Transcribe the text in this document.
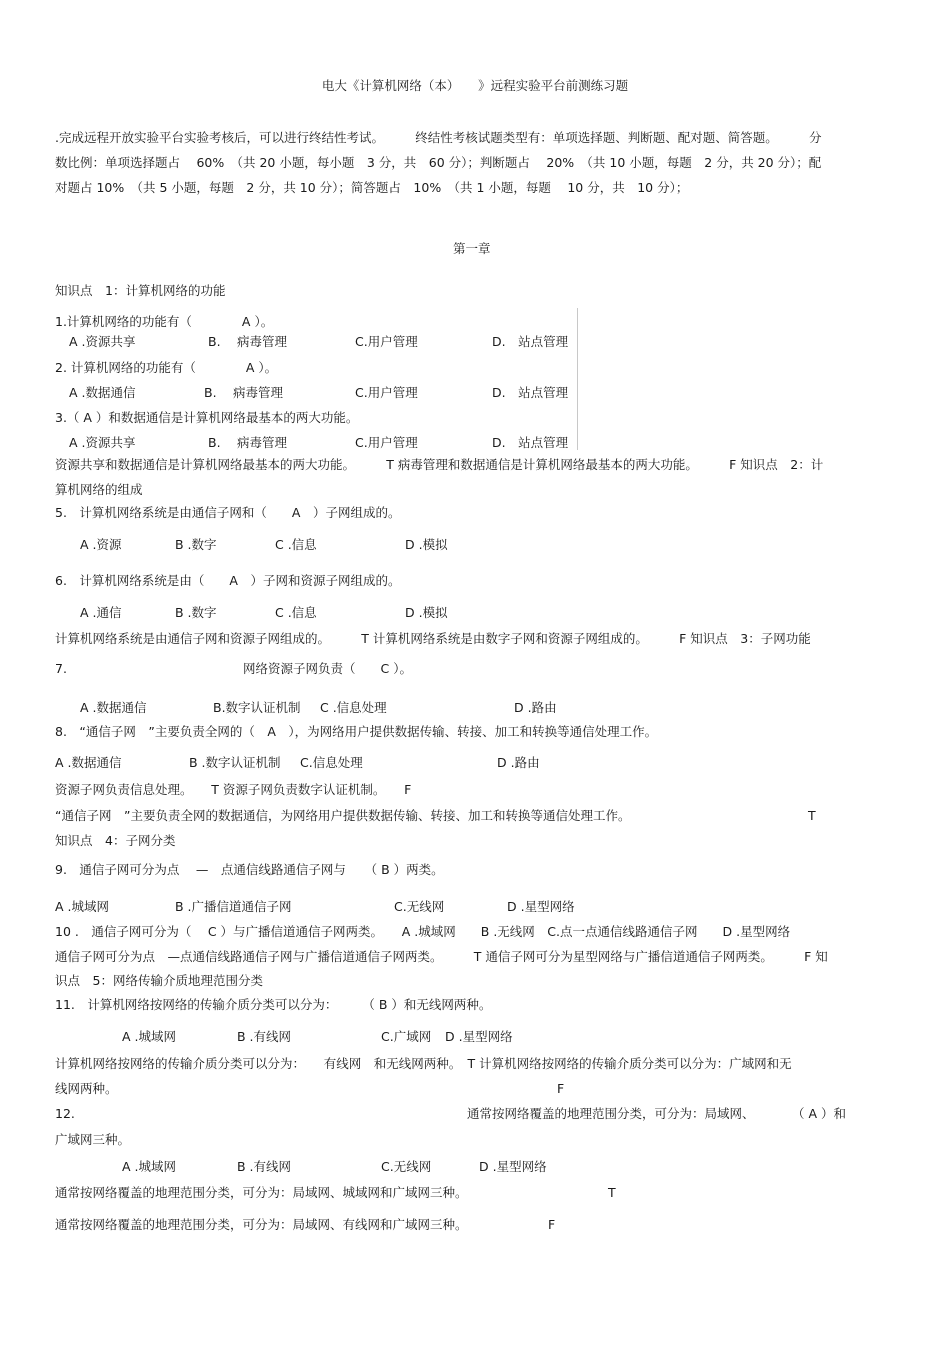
电大《计算机网络（本）　　》远程实验平台前测练习题

.完成远程开放实验平台实验考核后，可以进行终结性考试。　　　终结性考核试题类型有：单项选择题、判断题、配对题、简答题。　　　分

数比例：单项选择题占　 60%　（共 20 小题，每小题　3 分，共　60 分）；判断题占　 20%　（共 10 小题，每题　2 分，共 20 分）；配

对题占 10%　（共 5 小题，每题　2 分，共 10 分）；简答题占　10%　（共 1 小题，每题　 10 分，共　10 分）；

第一章

知识点　1：计算机网络的功能

1.计算机网络的功能有（　　　　A ）。

A .资源共享	B.　 病毒管理	C.用户管理	D.　站点管理

2. 计算机网络的功能有（　　　　A ）。

A .数据通信	B.　 病毒管理	C.用户管理	D.　站点管理

3.（ A ）和数据通信是计算机网络最基本的两大功能。

A .资源共享	B.　 病毒管理	C.用户管理	D.　站点管理

资源共享和数据通信是计算机网络最基本的两大功能。　　　T 病毒管理和数据通信是计算机网络最基本的两大功能。　　　F 知识点　2：计

算机网络的组成

5.　计算机网络系统是由通信子网和（　　A　）子网组成的。

A .资源	B .数字	C .信息	D .模拟

6.　计算机网络系统是由（　　A　）子网和资源子网组成的。

A .通信	B .数字	C .信息	D .模拟

计算机网络系统是由通信子网和资源子网组成的。　　　T 计算机网络系统是由数字子网和资源子网组成的。　　　F 知识点　3：子网功能

7.	网络资源子网负责（　　C ）。
A .数据通信	B.数字认证机制 C .信息处理	D .路由

8.　“通信子网　”主要负责全网的（　A　），为网络用户提供数据传输、转接、加工和转换等通信处理工作。

A .数据通信	B .数字认证机制 C.信息处理	D .路由

资源子网负责信息处理。　　T 资源子网负责数字认证机制。　　F

“通信子网　”主要负责全网的数据通信，为网络用户提供数据传输、转接、加工和转换等通信处理工作。	T

知识点　4：子网分类

9.　通信子网可分为点　 —　点通信线路通信子网与　　（ B ）两类。

A .城域网	B .广播信道通信子网	C.无线网	D .星型网络

10 .　通信子网可分为（　 C ）与广播信道通信子网两类。　　A .城域网　　B .无线网　C.点一点通信线路通信子网　　D .星型网络

通信子网可分为点　—点通信线路通信子网与广播信道通信子网两类。　　　T 通信子网可分为星型网络与广播信道通信子网两类。　　　F 知

识点　5：网络传输介质地理范围分类

11.　计算机网络按网络的传输介质分类可以分为：　　　（ B ）和无线网两种。

A .城域网	B .有线网	C.广域网 D .星型网络

计算机网络按网络的传输介质分类可以分为：　　有线网　和无线网两种。　T 计算机网络按网络的传输介质分类可以分为：广域网和无

线网两种。	F
12.	通常按网络覆盖的地理范围分类，可分为：局域网、　　　　（ A ）和

广域网三种。

A .城域网	B .有线网	C.无线网	D .星型网络
通常按网络覆盖的地理范围分类，可分为：局域网、城域网和广域网三种。	T
通常按网络覆盖的地理范围分类，可分为：局域网、有线网和广域网三种。	F
